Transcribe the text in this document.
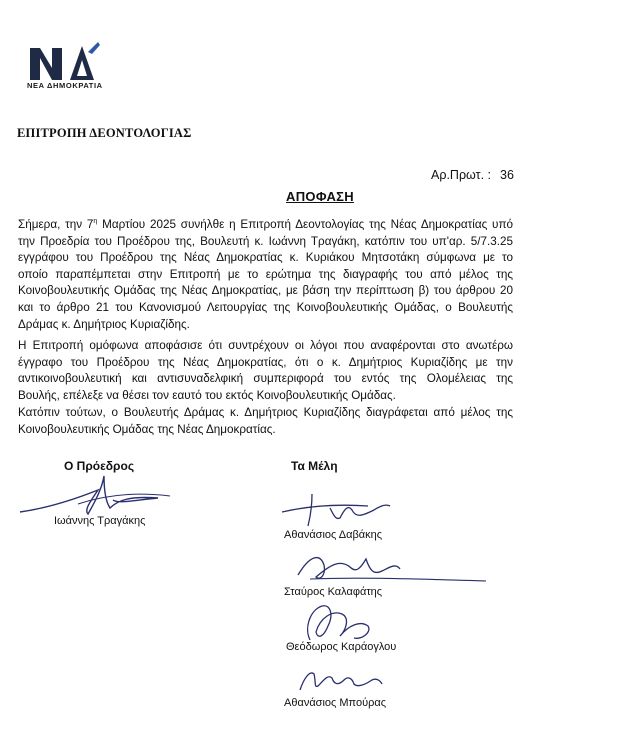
ΝΕΑ ΔΗΜΟΚΡΑΤΙΑ
ΕΠΙΤΡΟΠΗ ΔΕΟΝΤΟΛΟΓΙΑΣ
Αρ.Πρωτ. : 36
ΑΠΟΦΑΣΗ
Σήμερα, την $7^\eta$ Μαρτίου 2025 συνήλθε η Επιτροπή Δεοντολογίας της Νέας Δημοκρατίας υπό
την Προεδρία του Προέδρου της, Βουλευτή κ. Ιωάννη Τραγάκη, κατόπιν του υπ'αρ. 5/7.3.25
εγγράφου του Προέδρου της Νέας Δημοκρατίας κ. Κυριάκου Μητσοτάκη σύμφωνα με το
οποίο παραπέμπεται στην Επιτροπή με το ερώτημα της διαγραφής του από μέλος της
Κοινοβουλευτικής Ομάδας της Νέας Δημοκρατίας, με βάση την περίπτωση β) του άρθρου 20
και το άρθρο 21 του Κανονισμού Λειτουργίας της Κοινοβουλευτικής Ομάδας, ο Βουλευτής
Δράμας κ. Δημήτριος Κυριαζίδης.
Η Επιτροπή ομόφωνα αποφάσισε ότι συντρέχουν οι λόγοι που αναφέρονται στο ανωτέρω
έγγραφο του Προέδρου της Νέας Δημοκρατίας, ότι ο κ. Δημήτριος Κυριαζίδης με την
αντικοινοβουλευτική και αντισυναδελφική συμπεριφορά του εντός της Ολομέλειας της
Βουλής, επέλεξε να θέσει τον εαυτό του εκτός Κοινοβουλευτικής Ομάδας.
Κατόπιν τούτων, ο Βουλευτής Δράμας κ. Δημήτριος Κυριαζίδης διαγράφεται από μέλος της
Κοινοβουλευτικής Ομάδας της Νέας Δημοκρατίας.
Ο Πρόεδρος	Τα Μέλη
Ιωάννης Τραγάκης
Αθανάσιος Δαβάκης
Σταύρος Καλαφάτης
Θεόδωρος Καράογλου
Αθανάσιος Μπούρας
